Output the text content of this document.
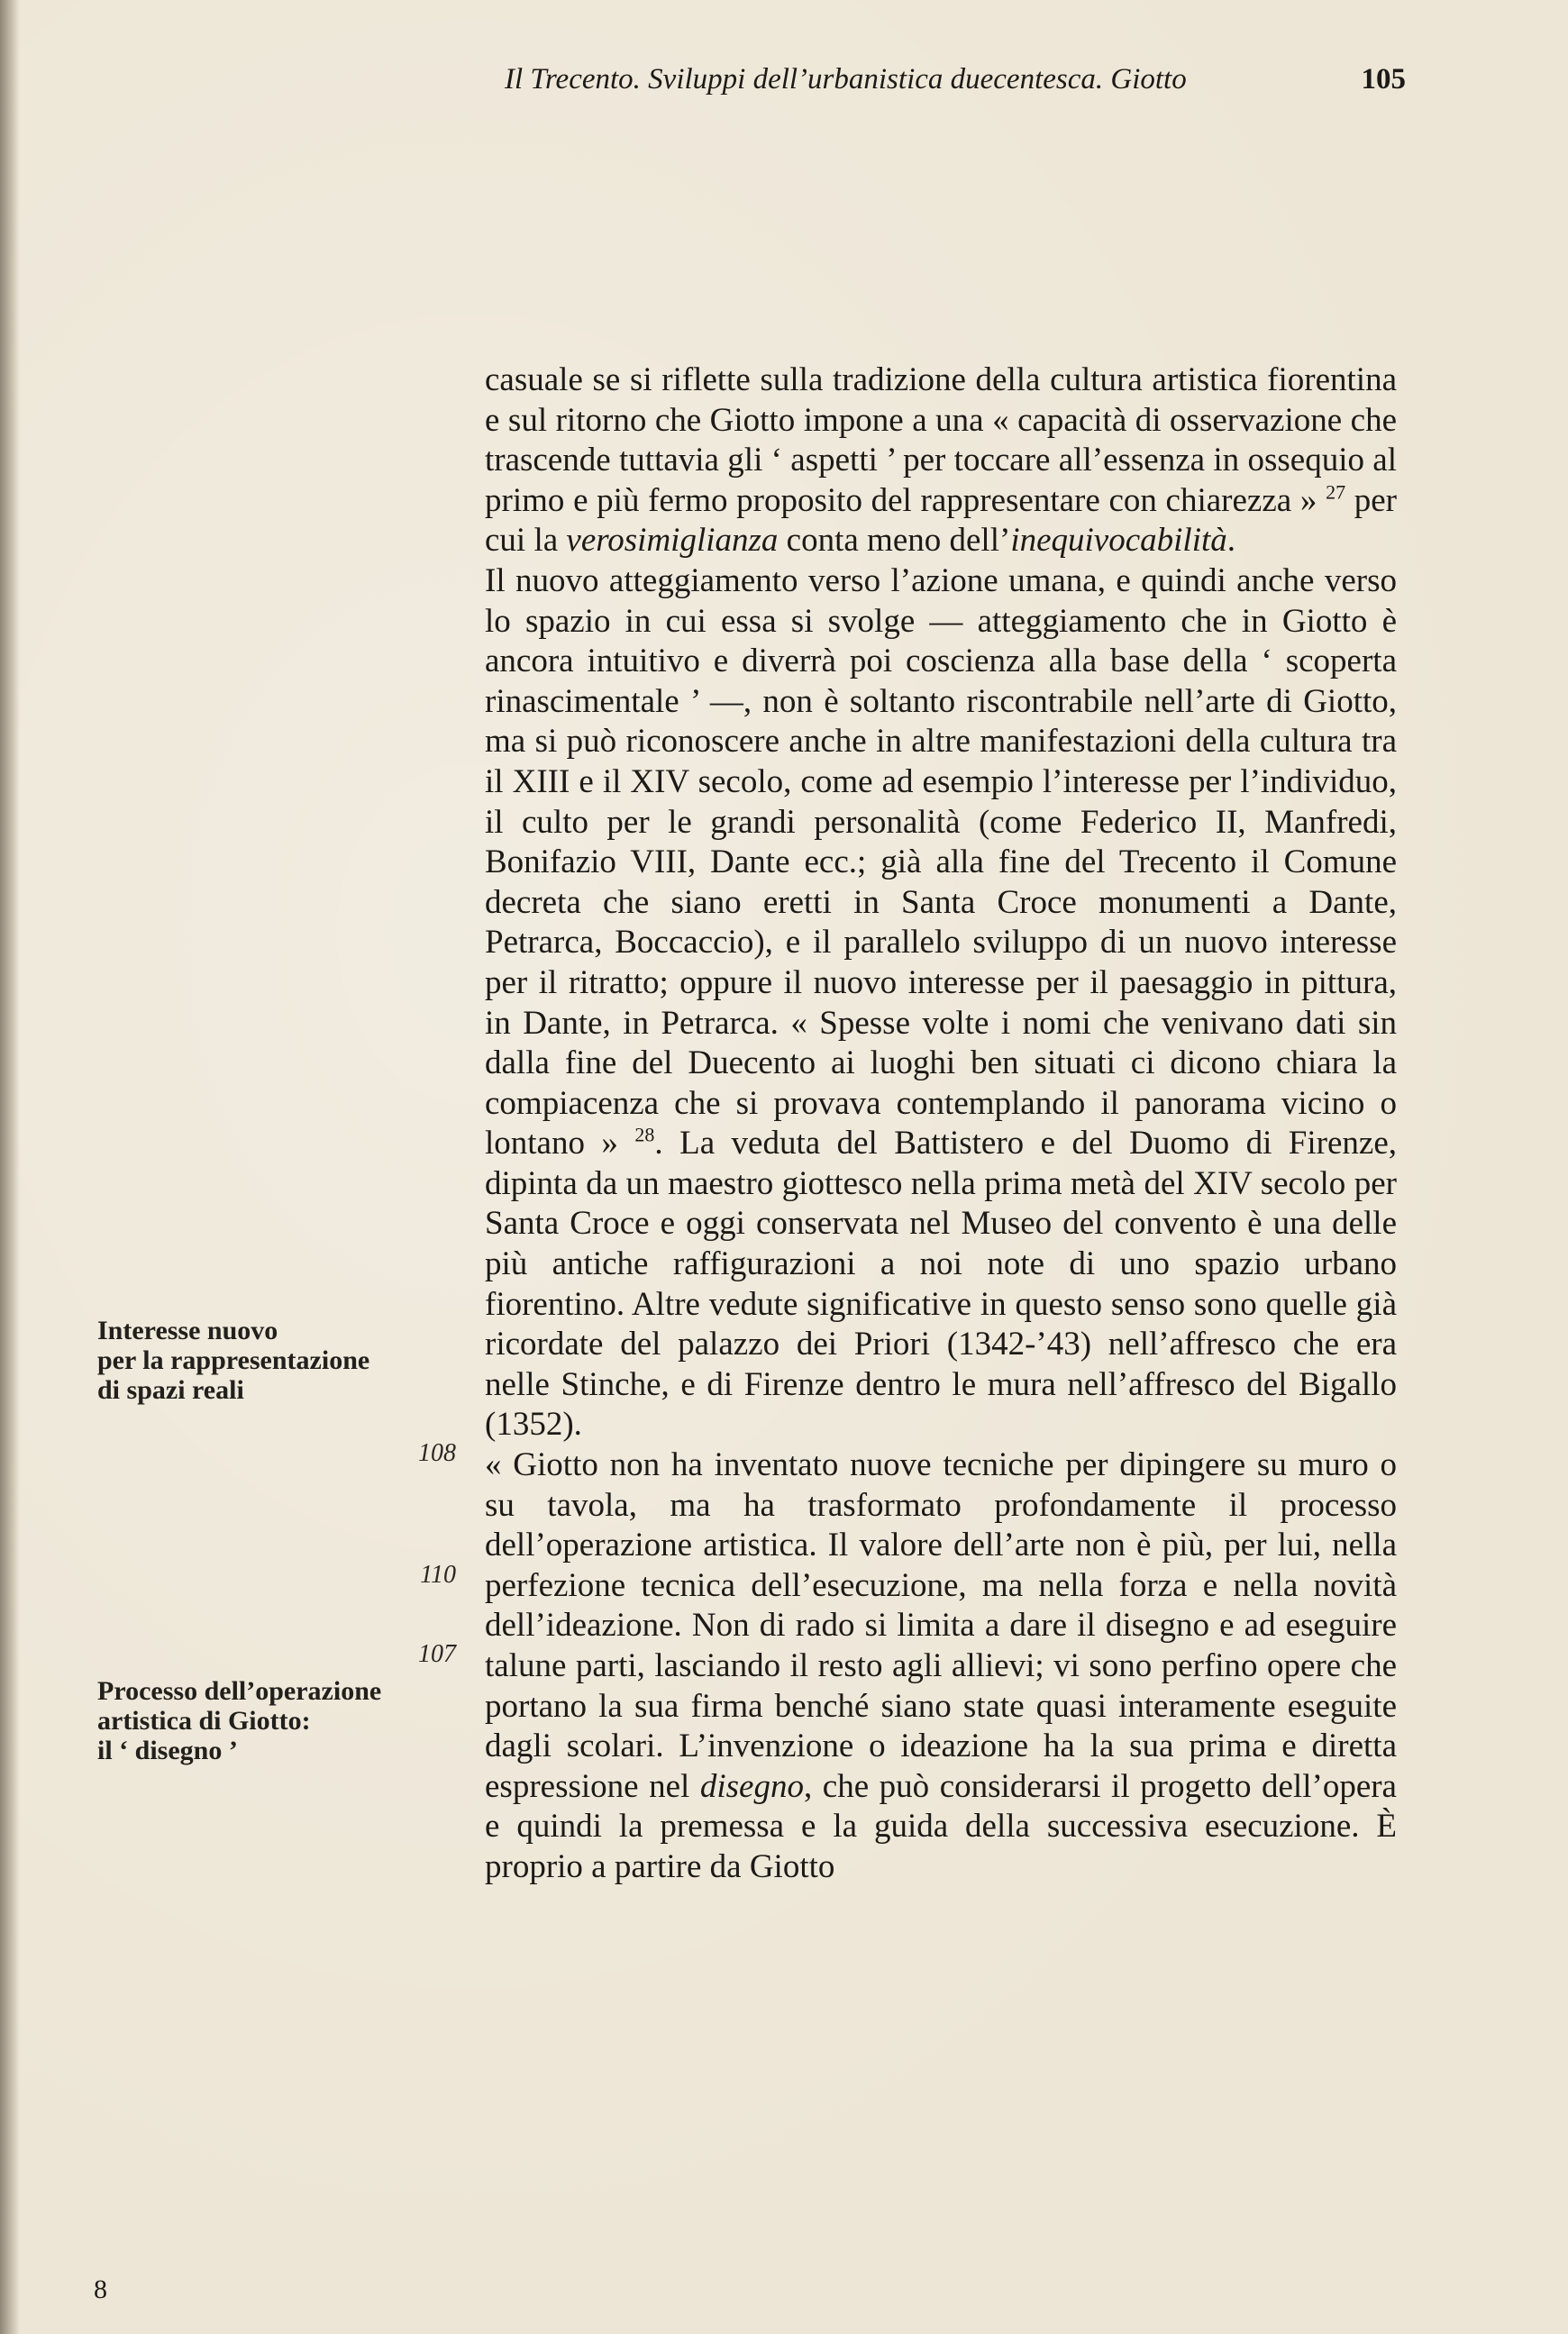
Il Trecento. Sviluppi dell’urbanistica duecentesca. Giotto	105

casuale se si riflette sulla tradizione della cultura artistica fiorentina e sul ritorno che Giotto impone a una « capacità di osservazione che trascende tuttavia gli ‘ aspetti ’ per toccare all’essenza in ossequio al primo e più fermo proposito del rappresentare con chiarezza » $^{27}$ per cui la verosimiglianza conta meno dell’inequivocabilità.

Il nuovo atteggiamento verso l’azione umana, e quindi anche verso lo spazio in cui essa si svolge — atteggiamento che in Giotto è ancora intuitivo e diverrà poi coscienza alla base della ‘ scoperta rinascimentale ’ —, non è soltanto riscontrabile nell’arte di Giotto, ma si può riconoscere anche in altre manifestazioni della cultura tra il XIII e il XIV secolo, come ad esempio l’interesse per l’individuo, il culto per le grandi personalità (come Federico II, Manfredi, Bonifazio VIII, Dante ecc.; già alla fine del Trecento il Comune decreta che siano eretti in Santa Croce monumenti a Dante, Petrarca, Boccaccio), e il parallelo sviluppo di un nuovo interesse per il ritratto; oppure il nuovo interesse per il paesaggio in pittura, in Dante, in Petrarca. « Spesse volte i nomi che venivano dati sin dalla fine del Duecento ai luoghi ben situati ci dicono chiara la compiacenza che si provava contemplando il panorama vicino o lontano » $^{28}$. La veduta del Battistero e del Duomo di Firenze, dipinta da un maestro giottesco nella prima metà del XIV secolo per Santa Croce e oggi conservata nel Museo del convento è una delle più antiche raffigurazioni a noi note di uno spazio urbano fiorentino. Altre vedute significative in questo senso sono quelle già ricordate del palazzo dei Priori (1342-’43) nell’affresco che era nelle Stinche, e di Firenze dentro le mura nell’affresco del Bigallo (1352).

« Giotto non ha inventato nuove tecniche per dipingere su muro o su tavola, ma ha trasformato profondamente il processo dell’operazione artistica. Il valore dell’arte non è più, per lui, nella perfezione tecnica dell’esecuzione, ma nella forza e nella novità dell’ideazione. Non di rado si limita a dare il disegno e ad eseguire talune parti, lasciando il resto agli allievi; vi sono perfino opere che portano la sua firma benché siano state quasi interamente eseguite dagli scolari. L’invenzione o ideazione ha la sua prima e diretta espressione nel disegno, che può considerarsi il progetto dell’opera e quindi la premessa e la guida della successiva esecuzione. È proprio a partire da Giotto

Interesse nuovo
per la rappresentazione
di spazi reali
108
110
107
Processo dell’operazione
artistica di Giotto:
il ‘ disegno ’
8
